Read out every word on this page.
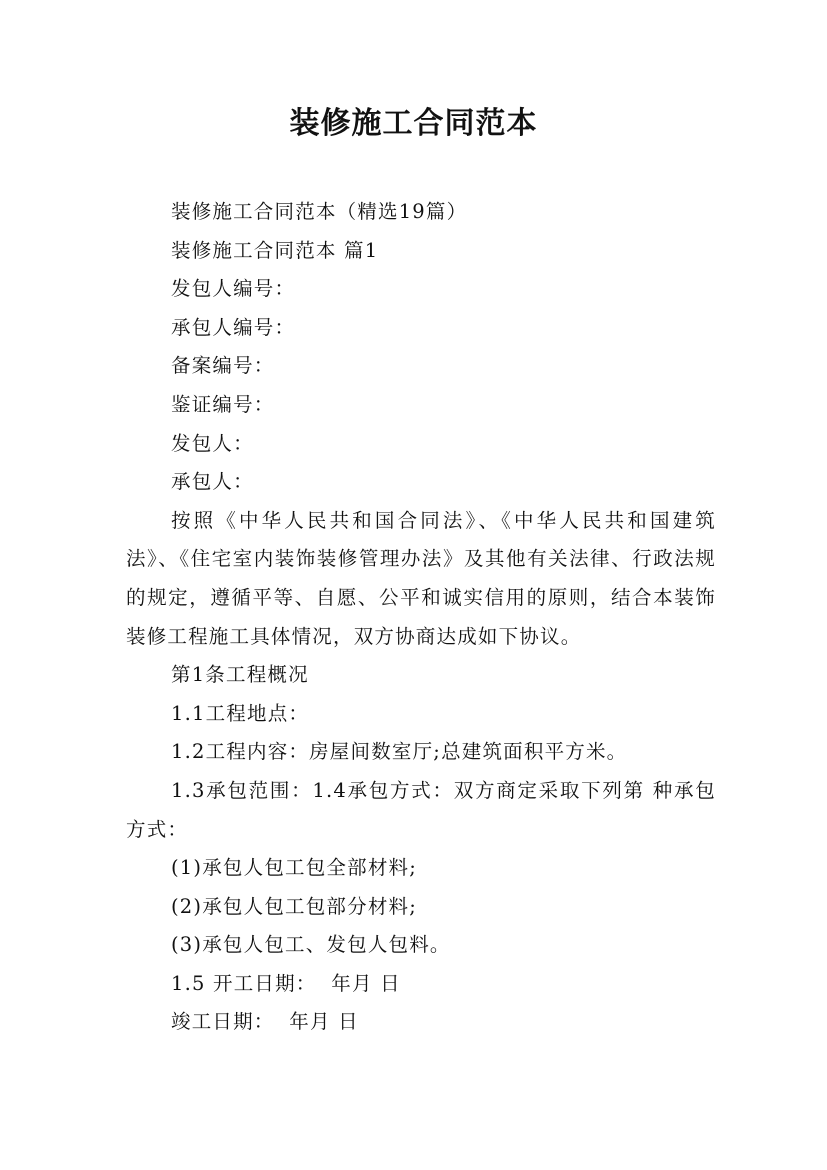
装修施工合同范本

装修施工合同范本（精选19篇）

装修施工合同范本 篇1

发包人编号：

承包人编号：

备案编号：

鉴证编号：

发包人：

承包人：

按照《中华人民共和国合同法》、《中华人民共和国建筑法》、《住宅室内装饰装修管理办法》及其他有关法律、行政法规的规定，遵循平等、自愿、公平和诚实信用的原则，结合本装饰装修工程施工具体情况，双方协商达成如下协议。

第1条工程概况

1.1工程地点：

1.2工程内容：房屋间数室厅;总建筑面积平方米。

1.3承包范围：1.4承包方式：双方商定采取下列第 种承包方式：

(1)承包人包工包全部材料;

(2)承包人包工包部分材料;

(3)承包人包工、发包人包料。

1.5 开工日期：  年月 日

竣工日期：  年月 日
